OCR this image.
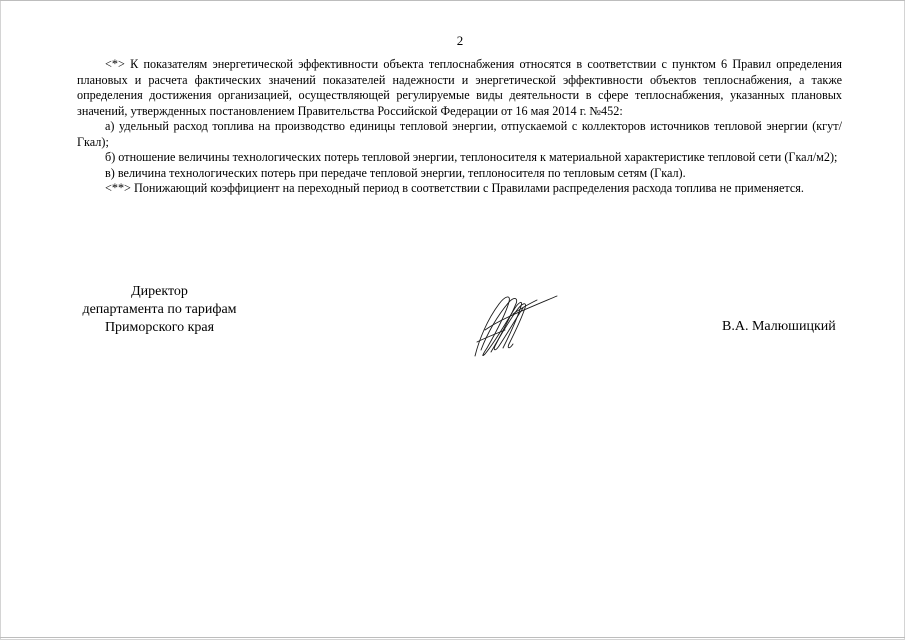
2

<*> К показателям энергетической эффективности объекта теплоснабжения относятся в соответствии с пунктом 6 Правил определения плановых и расчета фактических значений показателей надежности и энергетической эффективности объектов теплоснабжения, а также определения достижения организацией, осуществляющей регулируемые виды деятельности в сфере теплоснабжения, указанных плановых значений, утвержденных постановлением Правительства Российской Федерации от 16 мая 2014 г. №452:

а) удельный расход топлива на производство единицы тепловой энергии, отпускаемой с коллекторов источников тепловой энергии (кгут/Гкал);

б) отношение величины технологических потерь тепловой энергии, теплоносителя к материальной характеристике тепловой сети (Гкал/м2);

в) величина технологических потерь при передаче тепловой энергии, теплоносителя по тепловым сетям (Гкал).

<**> Понижающий коэффициент на переходный период в соответствии с Правилами распределения расхода топлива не применяется.

Директор
департамента по тарифам
Приморского края	В.А. Малюшицкий
